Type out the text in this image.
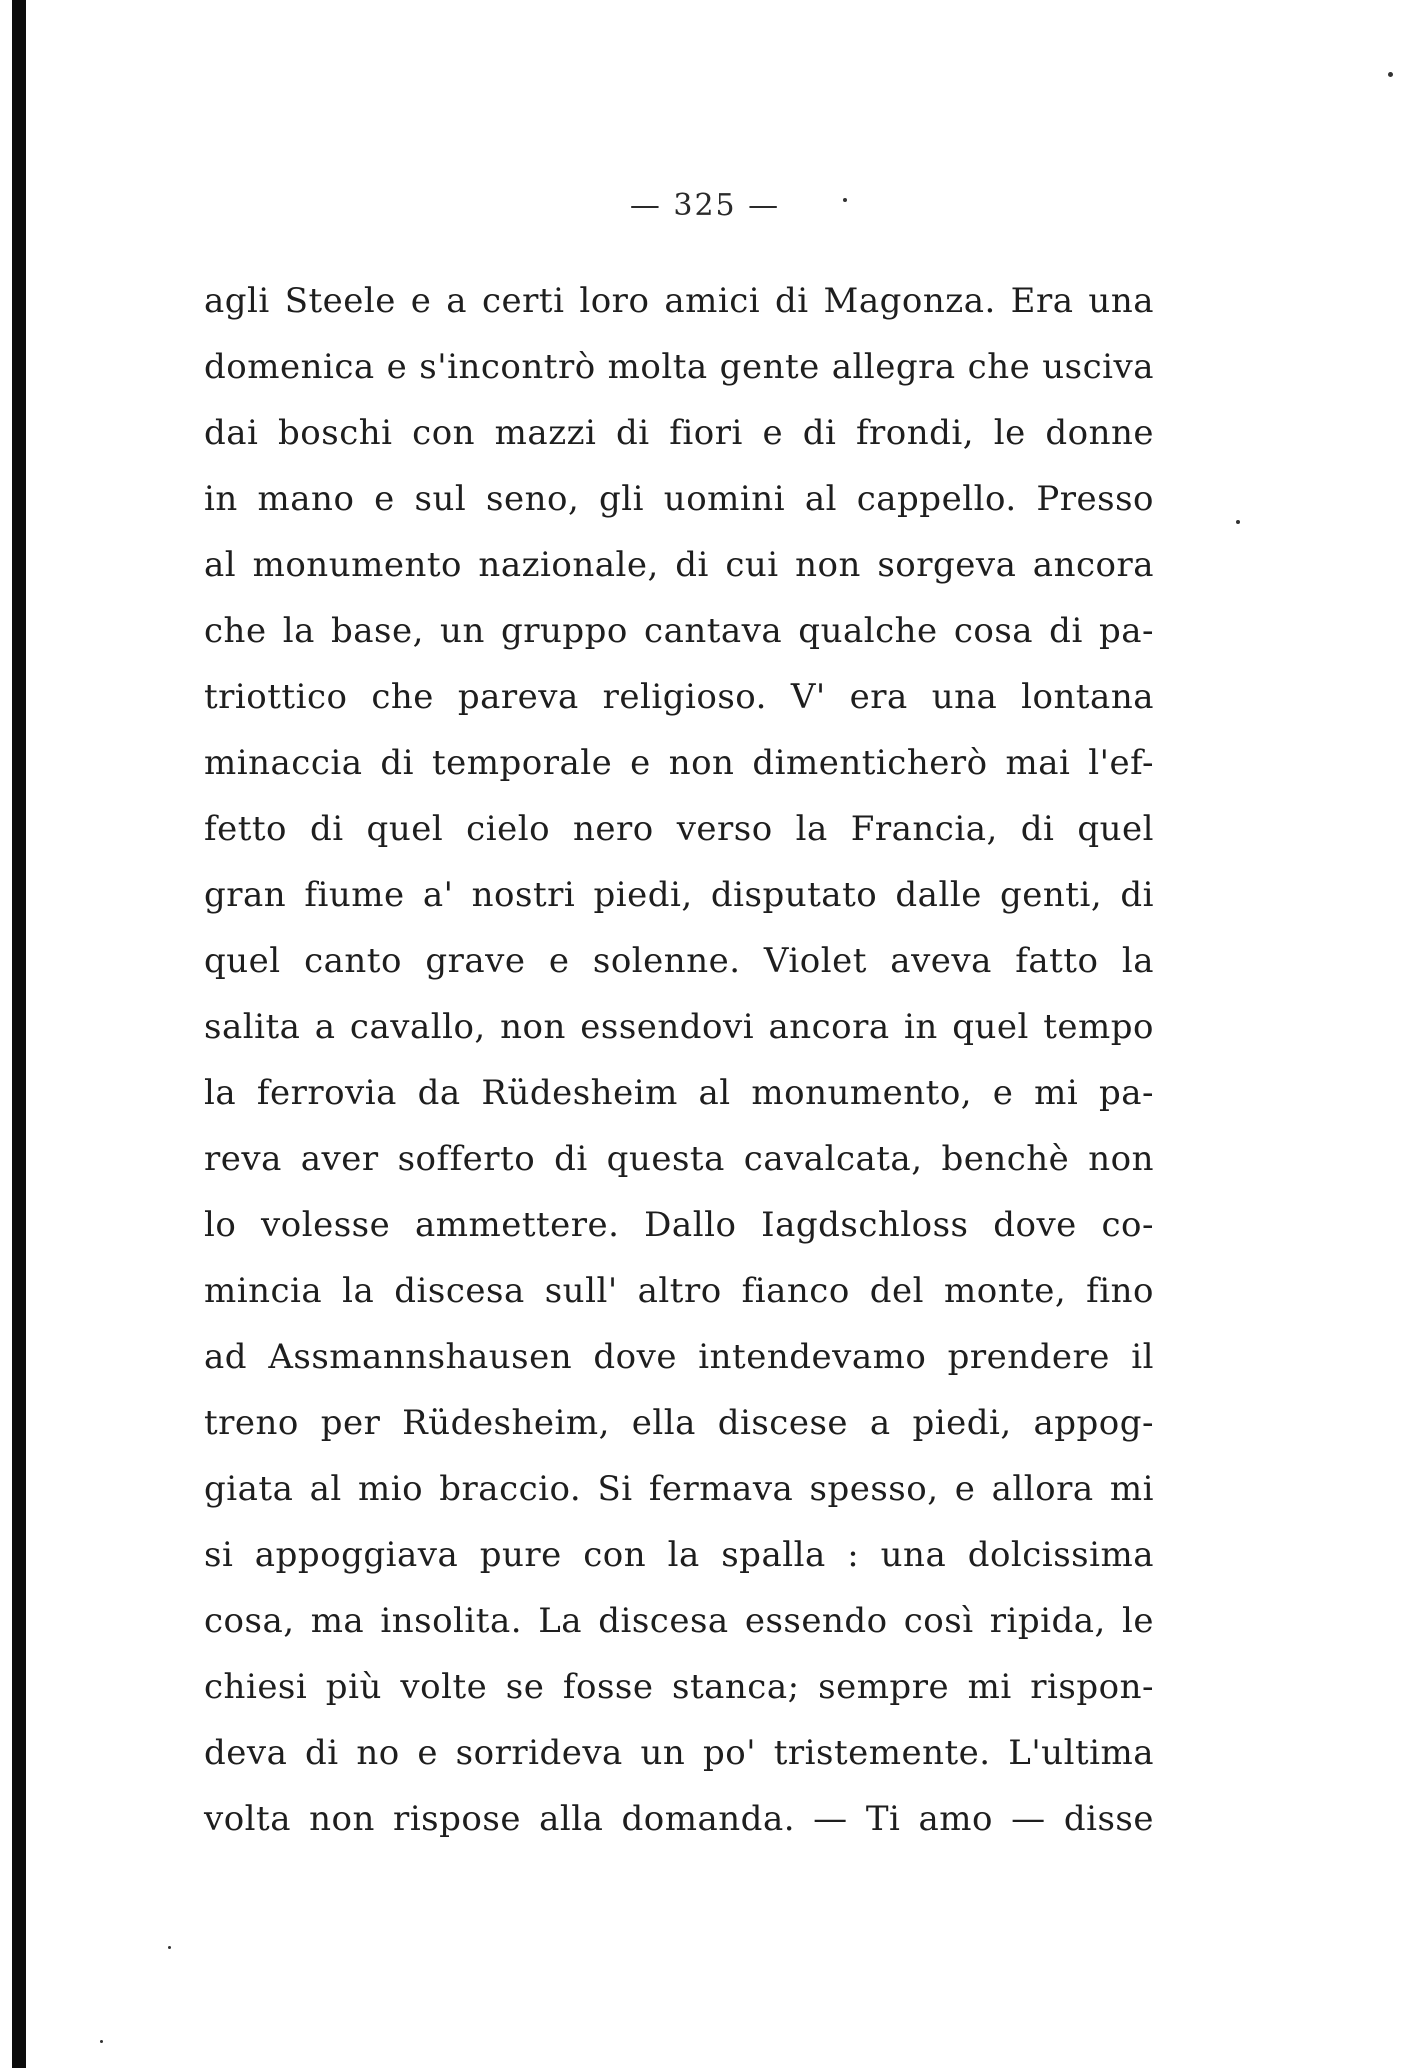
— 325 —
agli Steele e a certi loro amici di Magonza. Era una
domenica e s'incontrò molta gente allegra che usciva
dai boschi con mazzi di fiori e di frondi, le donne
in mano e sul seno, gli uomini al cappello. Presso
al monumento nazionale, di cui non sorgeva ancora
che la base, un gruppo cantava qualche cosa di pa-
triottico che pareva religioso. V' era una lontana
minaccia di temporale e non dimenticherò mai l'ef-
fetto di quel cielo nero verso la Francia, di quel
gran fiume a' nostri piedi, disputato dalle genti, di
quel canto grave e solenne. Violet aveva fatto la
salita a cavallo, non essendovi ancora in quel tempo
la ferrovia da Rüdesheim al monumento, e mi pa-
reva aver sofferto di questa cavalcata, benchè non
lo volesse ammettere. Dallo Iagdschloss dove co-
mincia la discesa sull' altro fianco del monte, fino
ad Assmannshausen dove intendevamo prendere il
treno per Rüdesheim, ella discese a piedi, appog-
giata al mio braccio. Si fermava spesso, e allora mi
si appoggiava pure con la spalla : una dolcissima
cosa, ma insolita. La discesa essendo così ripida, le
chiesi più volte se fosse stanca; sempre mi rispon-
deva di no e sorrideva un po' tristemente. L'ultima
volta non rispose alla domanda. — Ti amo — disse
